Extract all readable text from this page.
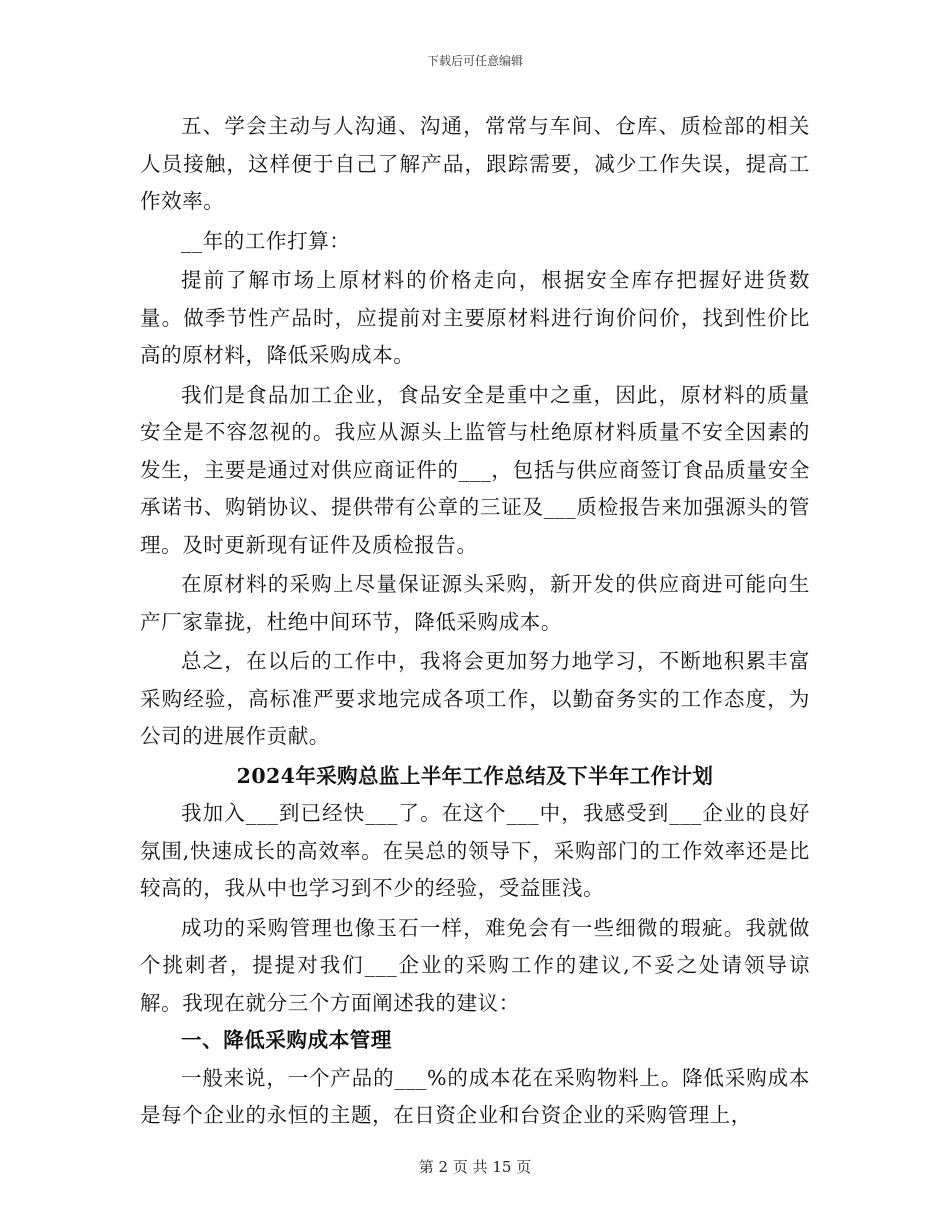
下载后可任意编辑

五、学会主动与人沟通、沟通，常常与车间、仓库、质检部的相关人员接触，这样便于自己了解产品，跟踪需要，减少工作失误，提高工作效率。

__年的工作打算：

提前了解市场上原材料的价格走向，根据安全库存把握好进货数量。做季节性产品时，应提前对主要原材料进行询价问价，找到性价比高的原材料，降低采购成本。

我们是食品加工企业，食品安全是重中之重，因此，原材料的质量安全是不容忽视的。我应从源头上监管与杜绝原材料质量不安全因素的发生，主要是通过对供应商证件的___，包括与供应商签订食品质量安全承诺书、购销协议、提供带有公章的三证及___质检报告来加强源头的管理。及时更新现有证件及质检报告。

在原材料的采购上尽量保证源头采购，新开发的供应商进可能向生产厂家靠拢，杜绝中间环节，降低采购成本。

总之，在以后的工作中，我将会更加努力地学习，不断地积累丰富采购经验，高标准严要求地完成各项工作，以勤奋务实的工作态度，为公司的进展作贡献。

2024年采购总监上半年工作总结及下半年工作计划

我加入___到已经快___了。在这个___中，我感受到___企业的良好氛围,快速成长的高效率。在吴总的领导下，采购部门的工作效率还是比较高的，我从中也学习到不少的经验，受益匪浅。

成功的采购管理也像玉石一样，难免会有一些细微的瑕疵。我就做个挑刺者，提提对我们___企业的采购工作的建议,不妥之处请领导谅解。我现在就分三个方面阐述我的建议：

一、降低采购成本管理

一般来说，一个产品的___%的成本花在采购物料上。降低采购成本是每个企业的永恒的主题，在日资企业和台资企业的采购管理上，

第 2 页 共 15 页
